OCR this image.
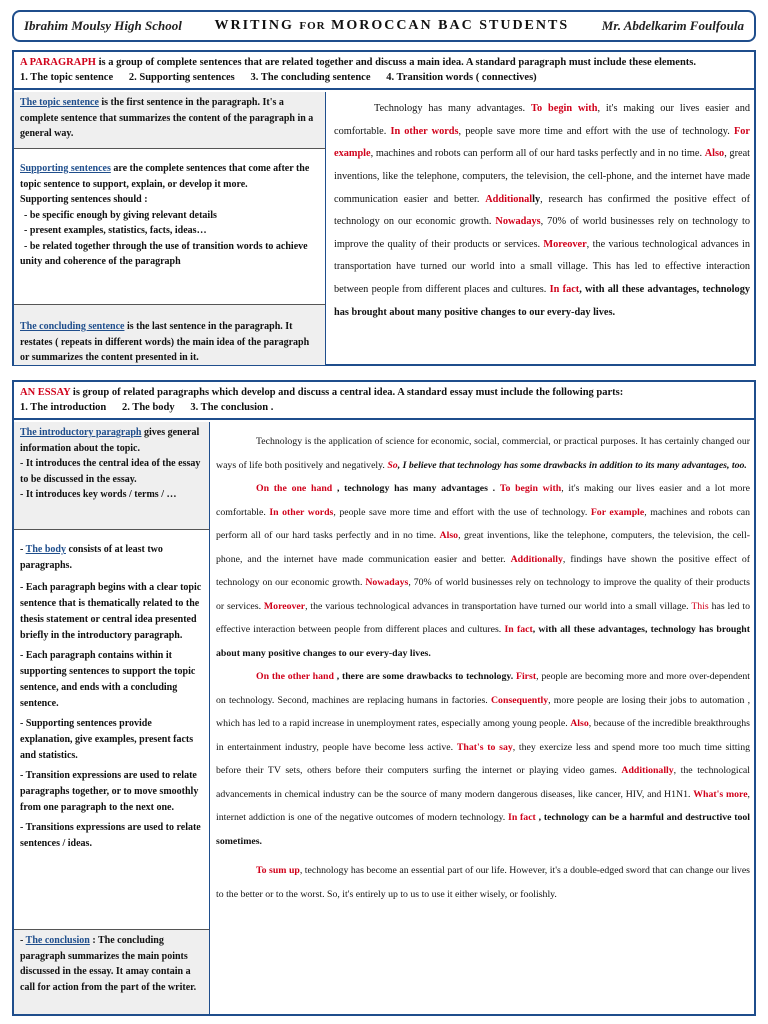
Ibrahim Moulsy High School WRITING FOR MOROCCAN BAC STUDENTS	Mr. Abdelkarim Foulfoula
A PARAGRAPH is a group of complete sentences that are related together and discuss a main idea. A standard paragraph must include these elements.
1. The topic sentence      2. Supporting sentences      3. The concluding sentence      4. Transition words ( connectives)
The topic sentence is the first sentence in the paragraph. It's a complete sentence that summarizes the content of the paragraph in a general way.
Supporting sentences are the complete sentences that come after the topic sentence to support, explain, or develop it more.
Supporting sentences should :
- be specific enough by giving relevant details
- present examples, statistics, facts, ideas…
- be related together through the use of transition words to achieve unity and coherence of the paragraph
The concluding sentence is the last sentence in the paragraph. It restates ( repeats in different words) the main idea of the paragraph or summarizes the content presented in it.

Technology has many advantages. To begin with, it's making our lives easier and comfortable. In other words, people save more time and effort with the use of technology. For example, machines and robots can perform all of our hard tasks perfectly and in no time. Also, great inventions, like the telephone, computers, the television, the cell-phone, and the internet have made communication easier and better. Additionally, research has confirmed the positive effect of technology on our economic growth. Nowadays, 70% of world businesses rely on technology to improve the quality of their products or services. Moreover, the various technological advances in transportation have turned our world into a small village. This has led to effective interaction between people from different places and cultures. In fact, with all these advantages, technology has brought about many positive changes to our every-day lives.

AN ESSAY is group of related paragraphs which develop and discuss a central idea. A standard essay must include the following parts:
1. The introduction      2. The body      3. The conclusion .
The introductory paragraph gives general information about the topic.
- It introduces the central idea of the essay to be discussed in the essay.
- It introduces key words / terms / …
- The body consists of at least two paragraphs.
- Each paragraph begins with a clear topic sentence that is thematically related to the thesis statement or central idea presented briefly in the introductory paragraph.
- Each paragraph contains within it supporting sentences to support the topic sentence, and ends with a concluding sentence.
- Supporting sentences provide explanation, give examples, present facts and statistics.
- Transition expressions are used to relate paragraphs together, or to move smoothly from one paragraph to the next one.
- Transitions expressions are used to relate sentences / ideas.
- The conclusion : The concluding paragraph summarizes the main points discussed in the essay. It amay contain a call for action from the part of the writer.

Technology is the application of science for economic, social, commercial, or practical purposes. It has certainly changed our ways of life both positively and negatively. So, I believe that technology has some drawbacks in addition to its many advantages, too.

On the one hand , technology has many advantages . To begin with, it's making our lives easier and a lot more comfortable. In other words, people save more time and effort with the use of technology. For example, machines and robots can perform all of our hard tasks perfectly and in no time. Also, great inventions, like the telephone, computers, the television, the cell-phone, and the internet have made communication easier and better. Additionally, findings have shown the positive effect of technology on our economic growth. Nowadays, 70% of world businesses rely on technology to improve the quality of their products or services. Moreover, the various technological advances in transportation have turned our world into a small village. This has led to effective interaction between people from different places and cultures. In fact, with all these advantages, technology has brought about many positive changes to our every-day lives.

On the other hand , there are some drawbacks to technology. First, people are becoming more and more over-dependent on technology. Second, machines are replacing humans in factories. Consequently, more people are losing their jobs to automation , which has led to a rapid increase in unemployment rates, especially among young people. Also, because of the incredible breakthroughs in entertainment industry, people have become less active. That's to say, they exercize less and spend more too much time sitting before their TV sets, others before their computers surfing the internet or playing video games. Additionally, the technological advancements in chemical industry can be the source of many modern dangerous diseases, like cancer, HIV, and H1N1. What's more, internet addiction is one of the negative outcomes of modern technology. In fact , technology can be a harmful and destructive tool sometimes.

To sum up, technology has become an essential part of our life. However, it's a double-edged sword that can change our lives to the better or to the worst. So, it's entirely up to us to use it either wisely, or foolishly.
